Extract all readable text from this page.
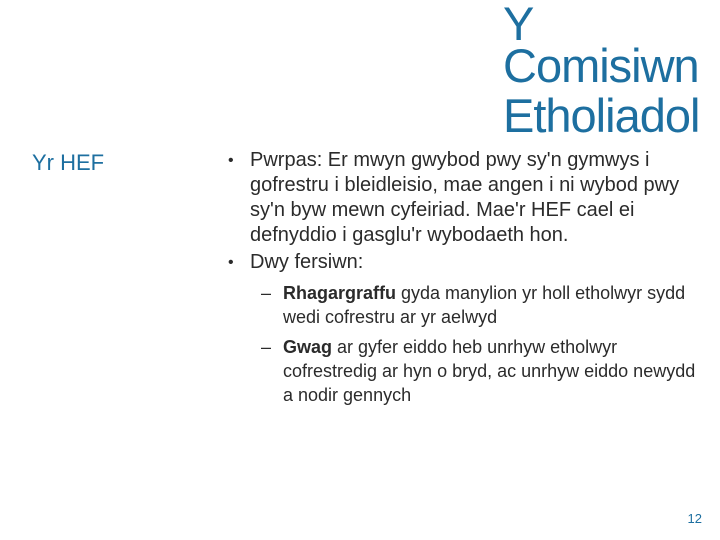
Y
Comisiwn
Etholiadol
Yr HEF	• Pwrpas: Er mwyn gwybod pwy sy'n gymwys i gofrestru i bleidleisio, mae angen i ni wybod pwy sy'n byw mewn cyfeiriad. Mae'r HEF cael ei defnyddio i gasglu'r wybodaeth hon.
• Dwy fersiwn:
– Rhagargraffu gyda manylion yr holl etholwyr sydd wedi cofrestru ar yr aelwyd
– Gwag ar gyfer eiddo heb unrhyw etholwyr cofrestredig ar hyn o bryd, ac unrhyw eiddo newydd a nodir gennych
12
